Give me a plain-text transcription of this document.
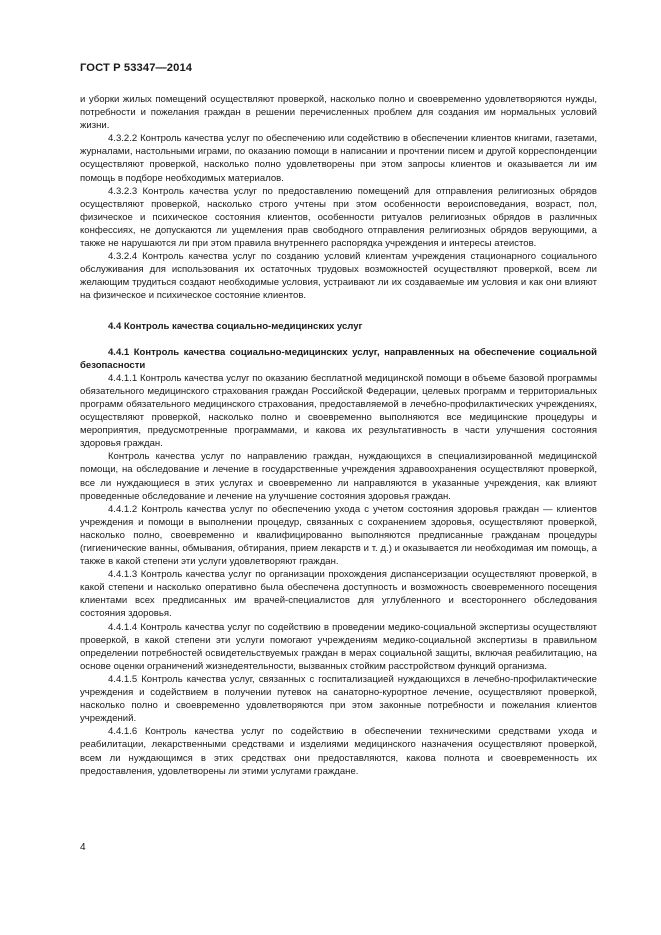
ГОСТ Р 53347—2014

и уборки жилых помещений осуществляют проверкой, насколько полно и своевременно удовлетворяются нужды, потребности и пожелания граждан в решении перечисленных проблем для создания им нормальных условий жизни.

4.3.2.2 Контроль качества услуг по обеспечению или содействию в обеспечении клиентов книгами, газетами, журналами, настольными играми, по оказанию помощи в написании и прочтении писем и другой корреспонденции осуществляют проверкой, насколько полно удовлетворены при этом запросы клиентов и оказывается ли им помощь в подборе необходимых материалов.

4.3.2.3 Контроль качества услуг по предоставлению помещений для отправления религиозных обрядов осуществляют проверкой, насколько строго учтены при этом особенности вероисповедания, возраст, пол, физическое и психическое состояния клиентов, особенности ритуалов религиозных обрядов в различных конфессиях, не допускаются ли ущемления прав свободного отправления религиозных обрядов верующими, а также не нарушаются ли при этом правила внутреннего распорядка учреждения и интересы атеистов.

4.3.2.4 Контроль качества услуг по созданию условий клиентам учреждения стационарного социального обслуживания для использования их остаточных трудовых возможностей осуществляют проверкой, всем ли желающим трудиться создают необходимые условия, устраивают ли их создаваемые им условия и как они влияют на физическое и психическое состояние клиентов.

4.4 Контроль качества социально-медицинских услуг
4.4.1 Контроль качества социально-медицинских услуг, направленных на обеспечение социальной безопасности

4.4.1.1 Контроль качества услуг по оказанию бесплатной медицинской помощи в объеме базовой программы обязательного медицинского страхования граждан Российской Федерации, целевых программ и территориальных программ обязательного медицинского страхования, предоставляемой в лечебно-профилактических учреждениях, осуществляют проверкой, насколько полно и своевременно выполняются все медицинские процедуры и мероприятия, предусмотренные программами, и какова их результативность в части улучшения состояния здоровья граждан.

Контроль качества услуг по направлению граждан, нуждающихся в специализированной медицинской помощи, на обследование и лечение в государственные учреждения здравоохранения осуществляют проверкой, все ли нуждающиеся в этих услугах и своевременно ли направляются в указанные учреждения, как влияют проведенные обследование и лечение на улучшение состояния здоровья граждан.

4.4.1.2 Контроль качества услуг по обеспечению ухода с учетом состояния здоровья граждан — клиентов учреждения и помощи в выполнении процедур, связанных с сохранением здоровья, осуществляют проверкой, насколько полно, своевременно и квалифицированно выполняются предписанные гражданам процедуры (гигиенические ванны, обмывания, обтирания, прием лекарств и т. д.) и оказывается ли необходимая им помощь, а также в какой степени эти услуги удовлетворяют граждан.

4.4.1.3 Контроль качества услуг по организации прохождения диспансеризации осуществляют проверкой, в какой степени и насколько оперативно была обеспечена доступность и возможность своевременного посещения клиентами всех предписанных им врачей-специалистов для углубленного и всестороннего обследования состояния здоровья.

4.4.1.4 Контроль качества услуг по содействию в проведении медико-социальной экспертизы осуществляют проверкой, в какой степени эти услуги помогают учреждениям медико-социальной экспертизы в правильном определении потребностей освидетельствуемых граждан в мерах социальной защиты, включая реабилитацию, на основе оценки ограничений жизнедеятельности, вызванных стойким расстройством функций организма.

4.4.1.5 Контроль качества услуг, связанных с госпитализацией нуждающихся в лечебно-профилактические учреждения и содействием в получении путевок на санаторно-курортное лечение, осуществляют проверкой, насколько полно и своевременно удовлетворяются при этом законные потребности и пожелания клиентов учреждений.

4.4.1.6 Контроль качества услуг по содействию в обеспечении техническими средствами ухода и реабилитации, лекарственными средствами и изделиями медицинского назначения осуществляют проверкой, всем ли нуждающимся в этих средствах они предоставляются, какова полнота и своевременность их предоставления, удовлетворены ли этими услугами граждане.

4
